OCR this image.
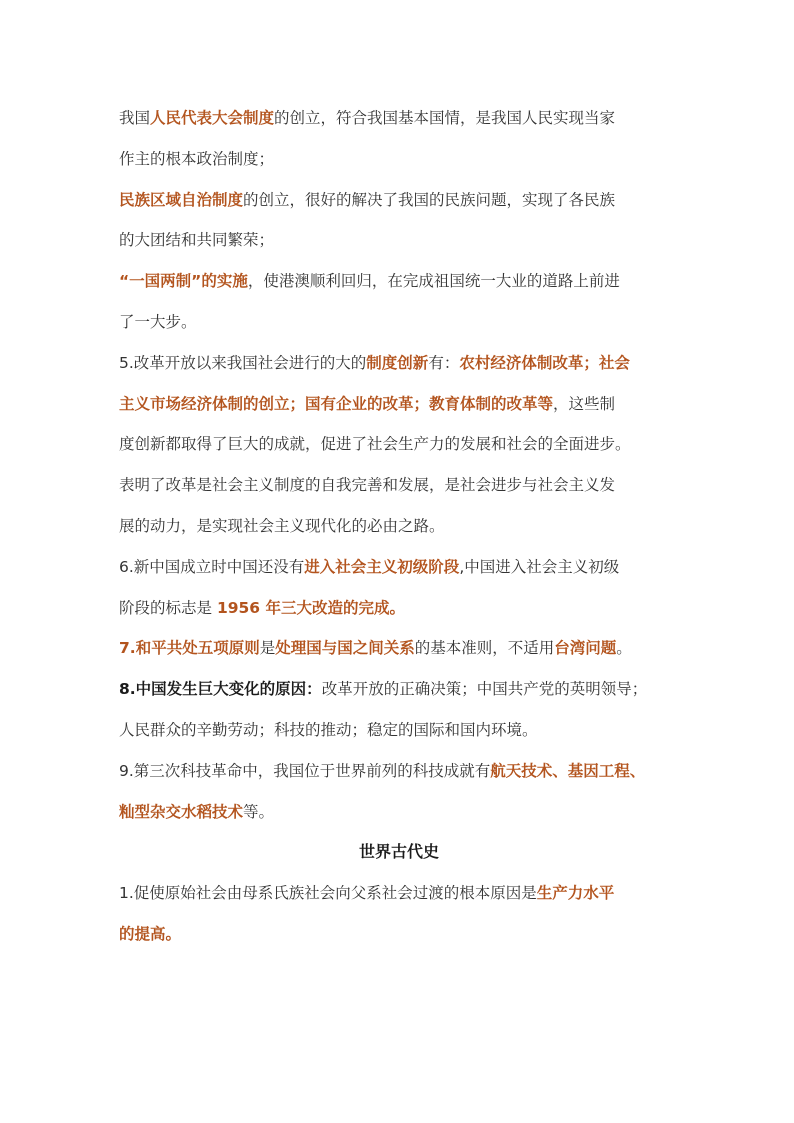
我国人民代表大会制度的创立，符合我国基本国情，是我国人民实现当家
作主的根本政治制度；
民族区域自治制度的创立，很好的解决了我国的民族问题，实现了各民族
的大团结和共同繁荣；
“一国两制”的实施，使港澳顺利回归，在完成祖国统一大业的道路上前进
了一大步。
5.改革开放以来我国社会进行的大的制度创新有：农村经济体制改革；社会
主义市场经济体制的创立；国有企业的改革；教育体制的改革等，这些制
度创新都取得了巨大的成就，促进了社会生产力的发展和社会的全面进步。
表明了改革是社会主义制度的自我完善和发展，是社会进步与社会主义发
展的动力，是实现社会主义现代化的必由之路。
6.新中国成立时中国还没有进入社会主义初级阶段,中国进入社会主义初级
阶段的标志是 1956 年三大改造的完成。
7.和平共处五项原则是处理国与国之间关系的基本准则，不适用台湾问题。
8.中国发生巨大变化的原因：改革开放的正确决策；中国共产党的英明领导；
人民群众的辛勤劳动；科技的推动；稳定的国际和国内环境。
9.第三次科技革命中，我国位于世界前列的科技成就有航天技术、基因工程、
籼型杂交水稻技术等。
世界古代史
1.促使原始社会由母系氏族社会向父系社会过渡的根本原因是生产力水平
的提高。
